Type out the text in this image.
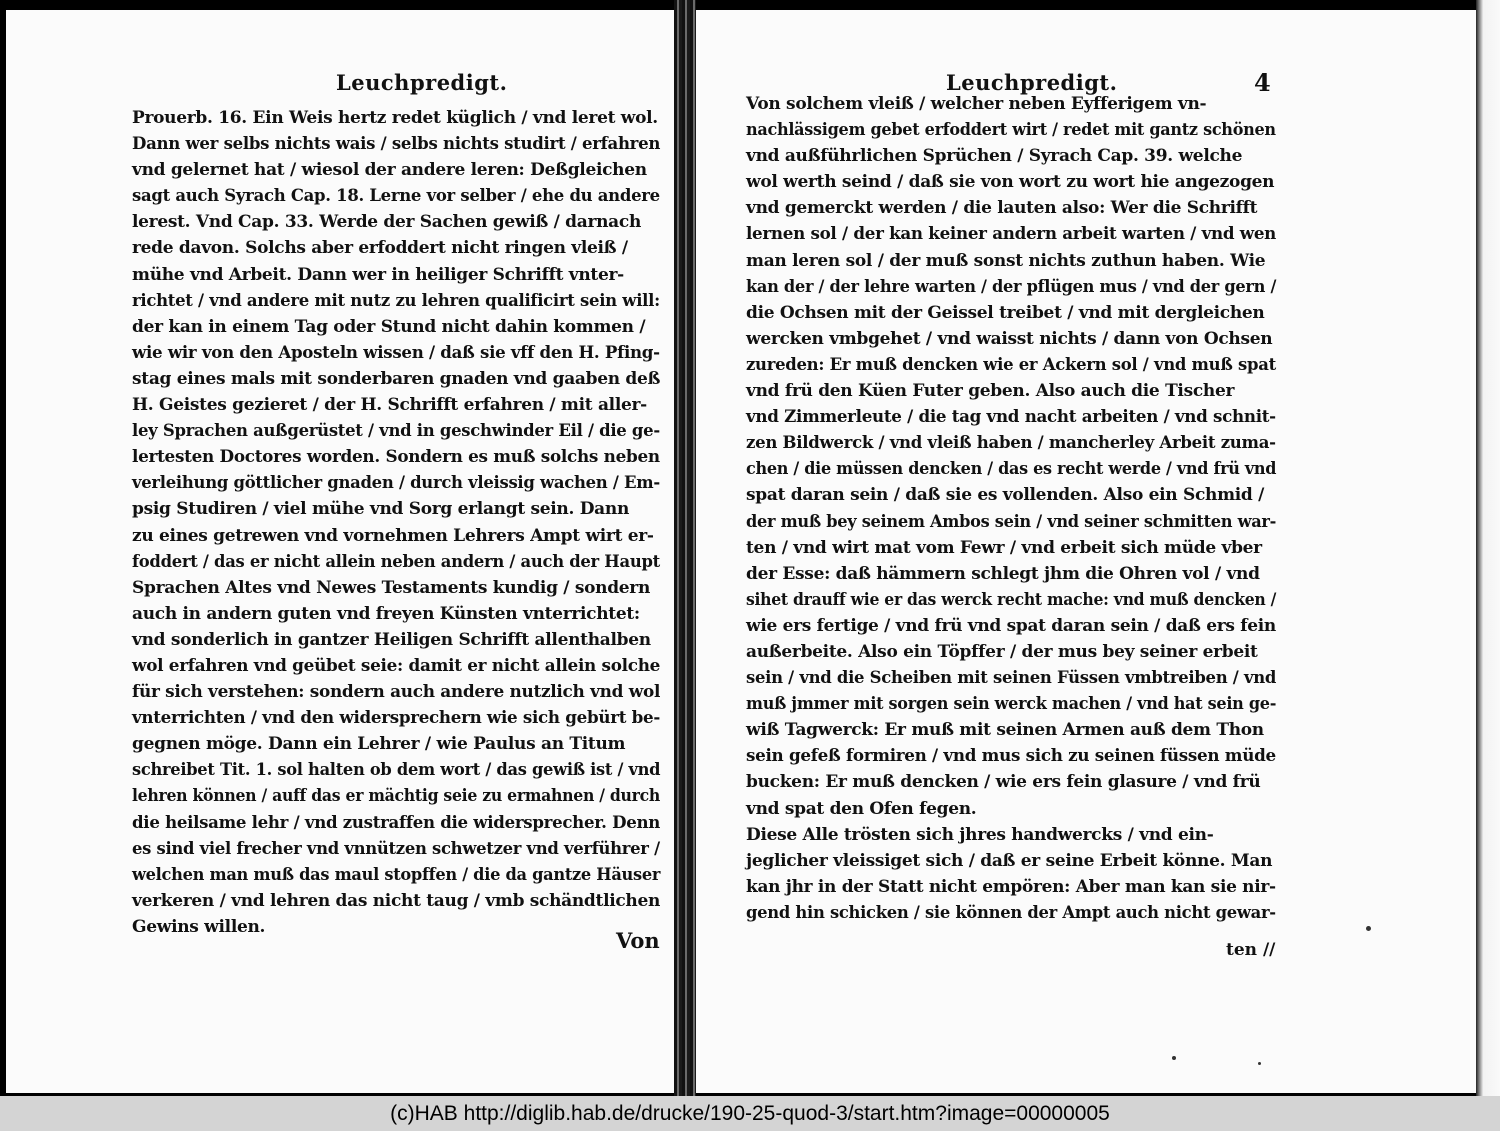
Leuchpredigt.
Prouerb. 16. Ein Weis hertz redet küglich / vnd leret wol.
Dann wer selbs nichts wais / selbs nichts studirt / erfahren
vnd gelernet hat / wiesol der andere leren: Deßgleichen
sagt auch Syrach Cap. 18. Lerne vor selber / ehe du andere
lerest. Vnd Cap. 33. Werde der Sachen gewiß / darnach
rede davon. Solchs aber erfoddert nicht ringen vleiß /
mühe vnd Arbeit. Dann wer in heiliger Schrifft vnter-
richtet / vnd andere mit nutz zu lehren qualificirt sein will:
der kan in einem Tag oder Stund nicht dahin kommen /
wie wir von den Aposteln wissen / daß sie vff den H. Pfing-
stag eines mals mit sonderbaren gnaden vnd gaaben deß
H. Geistes gezieret / der H. Schrifft erfahren / mit aller-
ley Sprachen außgerüstet / vnd in geschwinder Eil / die ge-
lertesten Doctores worden. Sondern es muß solchs neben
verleihung göttlicher gnaden / durch vleissig wachen / Em-
psig Studiren / viel mühe vnd Sorg erlangt sein. Dann
zu eines getrewen vnd vornehmen Lehrers Ampt wirt er-
foddert / das er nicht allein neben andern / auch der Haupt
Sprachen Altes vnd Newes Testaments kundig / sondern
auch in andern guten vnd freyen Künsten vnterrichtet:
vnd sonderlich in gantzer Heiligen Schrifft allenthalben
wol erfahren vnd geübet seie: damit er nicht allein solche
für sich verstehen: sondern auch andere nutzlich vnd wol
vnterrichten / vnd den widersprechern wie sich gebürt be-
gegnen möge. Dann ein Lehrer / wie Paulus an Titum
schreibet Tit. 1. sol halten ob dem wort / das gewiß ist / vnd
lehren können / auff das er mächtig seie zu ermahnen / durch
die heilsame lehr / vnd zustraffen die widersprecher. Denn
es sind viel frecher vnd vnnützen schwetzer vnd verführer /
welchen man muß das maul stopffen / die da gantze Häuser
verkeren / vnd lehren das nicht taug / vmb schändtlichen
Gewins willen.
Von
Leuchpredigt.	4
Von solchem vleiß / welcher neben Eyfferigem vn-
nachlässigem gebet erfoddert wirt / redet mit gantz schönen
vnd außführlichen Sprüchen / Syrach Cap. 39. welche
wol werth seind / daß sie von wort zu wort hie angezogen
vnd gemerckt werden / die lauten also: Wer die Schrifft
lernen sol / der kan keiner andern arbeit warten / vnd wen
man leren sol / der muß sonst nichts zuthun haben. Wie
kan der / der lehre warten / der pflügen mus / vnd der gern /
die Ochsen mit der Geissel treibet / vnd mit dergleichen
wercken vmbgehet / vnd waisst nichts / dann von Ochsen
zureden: Er muß dencken wie er Ackern sol / vnd muß spat
vnd frü den Küen Futer geben. Also auch die Tischer
vnd Zimmerleute / die tag vnd nacht arbeiten / vnd schnit-
zen Bildwerck / vnd vleiß haben / mancherley Arbeit zuma-
chen / die müssen dencken / das es recht werde / vnd frü vnd
spat daran sein / daß sie es vollenden. Also ein Schmid /
der muß bey seinem Ambos sein / vnd seiner schmitten war-
ten / vnd wirt mat vom Fewr / vnd erbeit sich müde vber
der Esse: daß hämmern schlegt jhm die Ohren vol / vnd
sihet drauff wie er das werck recht mache: vnd muß dencken /
wie ers fertige / vnd frü vnd spat daran sein / daß ers fein
außerbeite. Also ein Töpffer / der mus bey seiner erbeit
sein / vnd die Scheiben mit seinen Füssen vmbtreiben / vnd
muß jmmer mit sorgen sein werck machen / vnd hat sein ge-
wiß Tagwerck: Er muß mit seinen Armen auß dem Thon
sein gefeß formiren / vnd mus sich zu seinen füssen müde
bucken: Er muß dencken / wie ers fein glasure / vnd frü
vnd spat den Ofen fegen.
Diese Alle trösten sich jhres handwercks / vnd ein-
jeglicher vleissiget sich / daß er seine Erbeit könne. Man
kan jhr in der Statt nicht empören: Aber man kan sie nir-
gend hin schicken / sie können der Ampt auch nicht gewar-
ten //
(c)HAB http://diglib.hab.de/drucke/190-25-quod-3/start.htm?image=00000005
